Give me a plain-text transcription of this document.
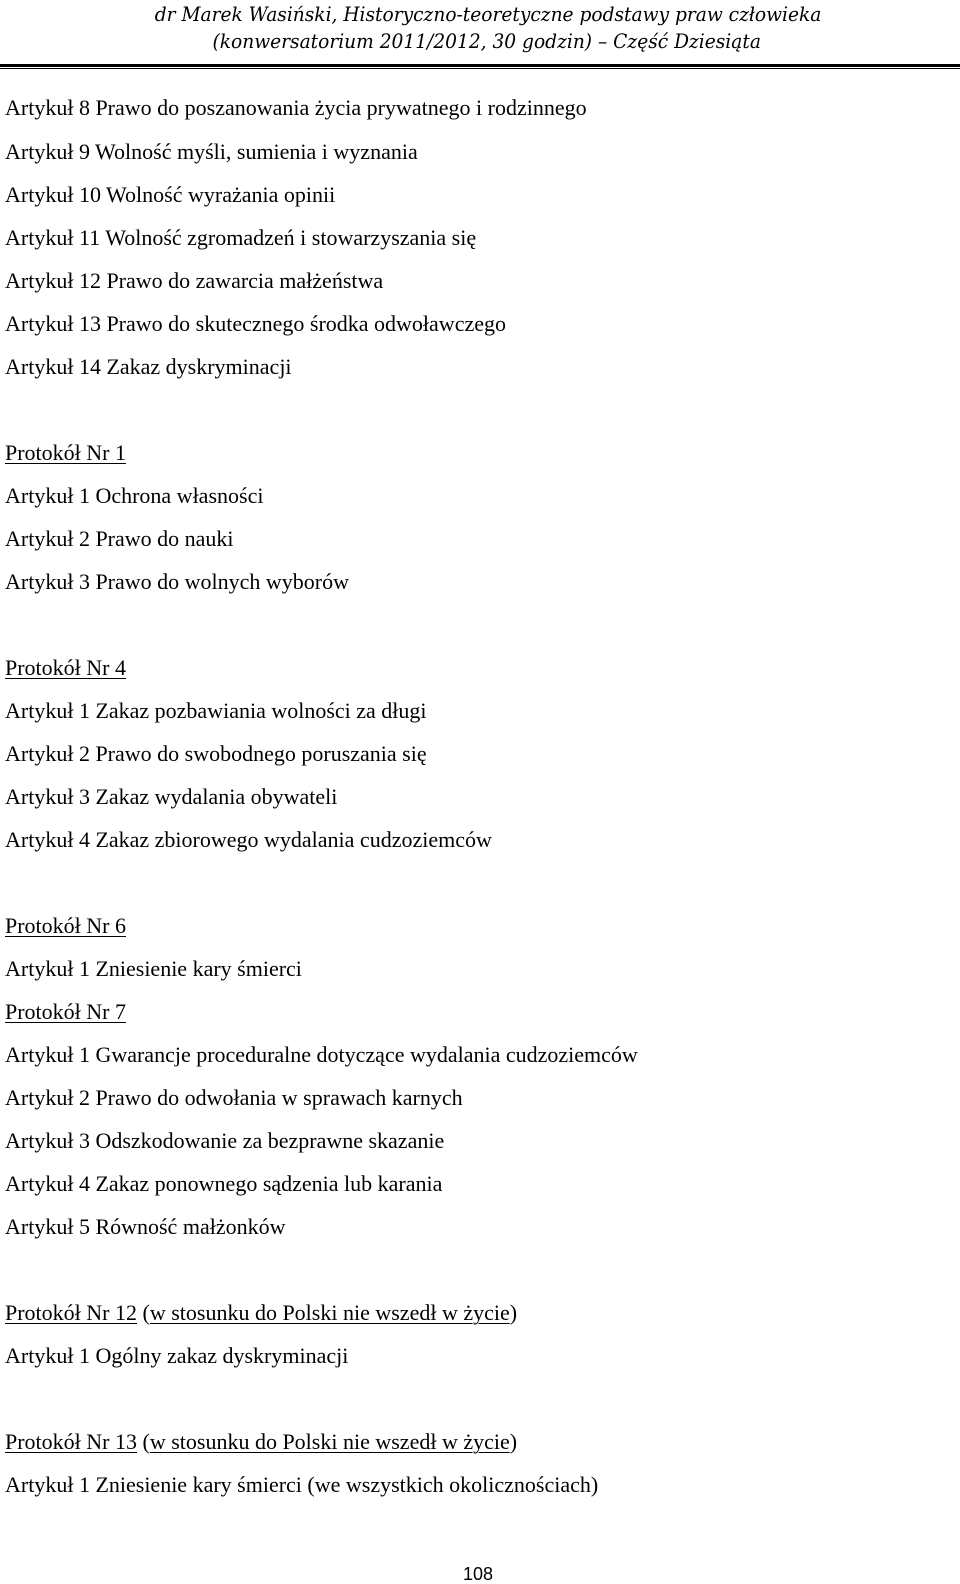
dr Marek Wasiński, Historyczno-teoretyczne podstawy praw człowieka
(konwersatorium 2011/2012, 30 godzin) – Część Dziesiąta
Artykuł 8 Prawo do poszanowania życia prywatnego i rodzinnego
Artykuł 9 Wolność myśli, sumienia i wyznania
Artykuł 10 Wolność wyrażania opinii
Artykuł 11 Wolność zgromadzeń i stowarzyszania się
Artykuł 12 Prawo do zawarcia małżeństwa
Artykuł 13 Prawo do skutecznego środka odwoławczego
Artykuł 14 Zakaz dyskryminacji
Protokół Nr 1
Artykuł 1 Ochrona własności
Artykuł 2 Prawo do nauki
Artykuł 3 Prawo do wolnych wyborów
Protokół Nr 4
Artykuł 1 Zakaz pozbawiania wolności za długi
Artykuł 2 Prawo do swobodnego poruszania się
Artykuł 3 Zakaz wydalania obywateli
Artykuł 4 Zakaz zbiorowego wydalania cudzoziemców
Protokół Nr 6
Artykuł 1 Zniesienie kary śmierci
Protokół Nr 7
Artykuł 1 Gwarancje proceduralne dotyczące wydalania cudzoziemców
Artykuł 2 Prawo do odwołania w sprawach karnych
Artykuł 3 Odszkodowanie za bezprawne skazanie
Artykuł 4 Zakaz ponownego sądzenia lub karania
Artykuł 5 Równość małżonków
Protokół Nr 12 (w stosunku do Polski nie wszedł w życie)
Artykuł 1 Ogólny zakaz dyskryminacji
Protokół Nr 13 (w stosunku do Polski nie wszedł w życie)
Artykuł 1 Zniesienie kary śmierci (we wszystkich okolicznościach)
108
